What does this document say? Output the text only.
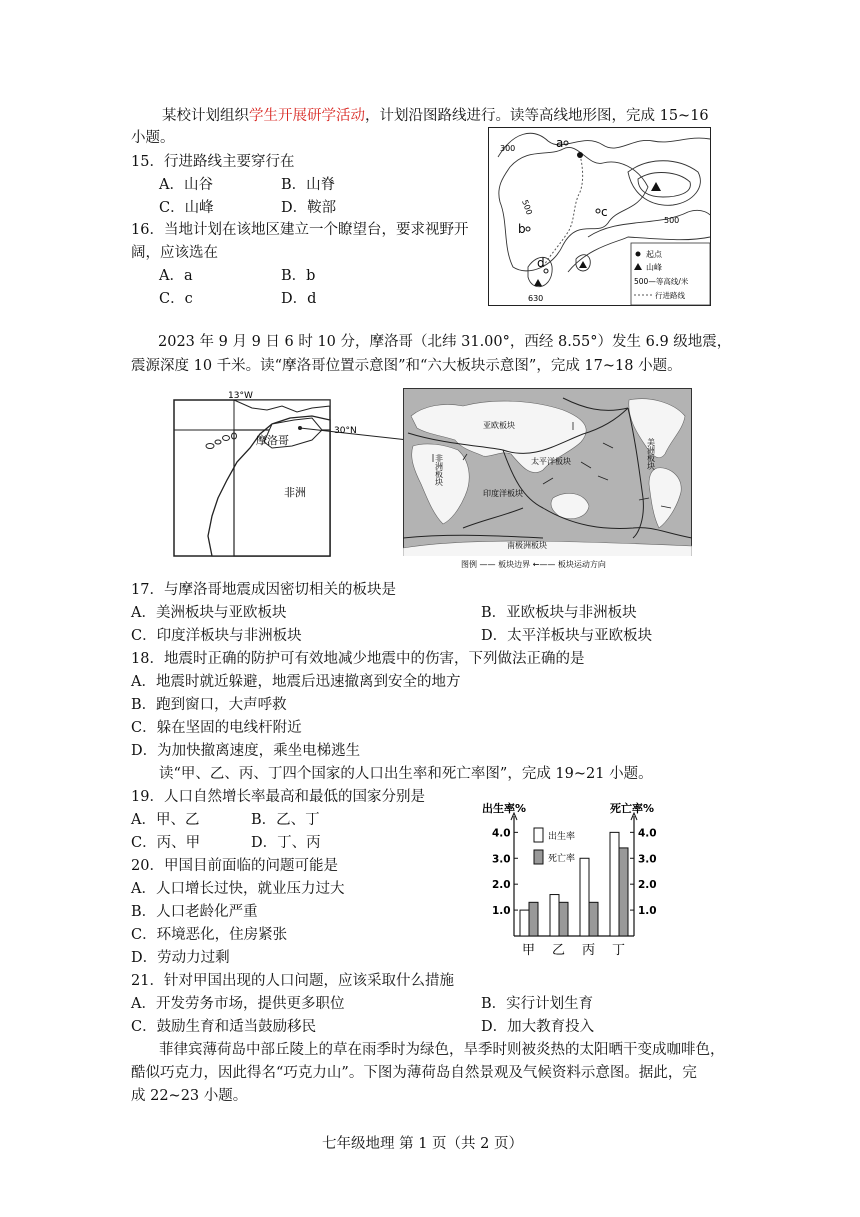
某校计划组织学生开展研学活动，计划沿图路线进行。读等高线地形图，完成 15~16
小题。
15．行进路线主要穿行在
A．山谷	B．山脊
C．山峰	D．鞍部
16．当地计划在该地区建立一个瞭望台，要求视野开
阔，应该选在
A．a	B．b
C．c	D．d
300
500
500
630
a
b
c
d
起点
山峰
500—等高线/米
行进路线
2023 年 9 月 9 日 6 时 10 分，摩洛哥（北纬 31.00°，西经 8.55°）发生 6.9 级地震，
震源深度 10 千米。读“摩洛哥位置示意图”和“六大板块示意图”，完成 17~18 小题。
13°W
30°N
摩洛哥
非洲
亚欧板块
非洲板块	太平洋板块	美洲板块
印度洋板块
南极洲板块
图例 —— 板块边界 ←—— 板块运动方向
17．与摩洛哥地震成因密切相关的板块是
A．美洲板块与亚欧板块	B．亚欧板块与非洲板块
C．印度洋板块与非洲板块	D．太平洋板块与亚欧板块
18．地震时正确的防护可有效地减少地震中的伤害，下列做法正确的是
A．地震时就近躲避，地震后迅速撤离到安全的地方
B．跑到窗口，大声呼救
C．躲在坚固的电线杆附近
D．为加快撤离速度，乘坐电梯逃生
读“甲、乙、丙、丁四个国家的人口出生率和死亡率图”，完成 19~21 小题。
19．人口自然增长率最高和最低的国家分别是
A．甲、乙	B．乙、丁
C．丙、甲	D．丁、丙
20．甲国目前面临的问题可能是
A．人口增长过快，就业压力过大
B．人口老龄化严重
C．环境恶化，住房紧张
D．劳动力过剩
21．针对甲国出现的人口问题，应该采取什么措施
A．开发劳务市场，提供更多职位	B．实行计划生育
C．鼓励生育和适当鼓励移民	D．加大教育投入
菲律宾薄荷岛中部丘陵上的草在雨季时为绿色，旱季时则被炎热的太阳晒干变成咖啡色，
酷似巧克力，因此得名“巧克力山”。下图为薄荷岛自然景观及气候资料示意图。据此，完
成 22~23 小题。
七年级地理 第 1 页（共 2 页）
出生率%	死亡率%
1.0	1.0
2.0	2.0
3.0	3.0
4.0	4.0
甲 乙 丙 丁
出生率
死亡率
